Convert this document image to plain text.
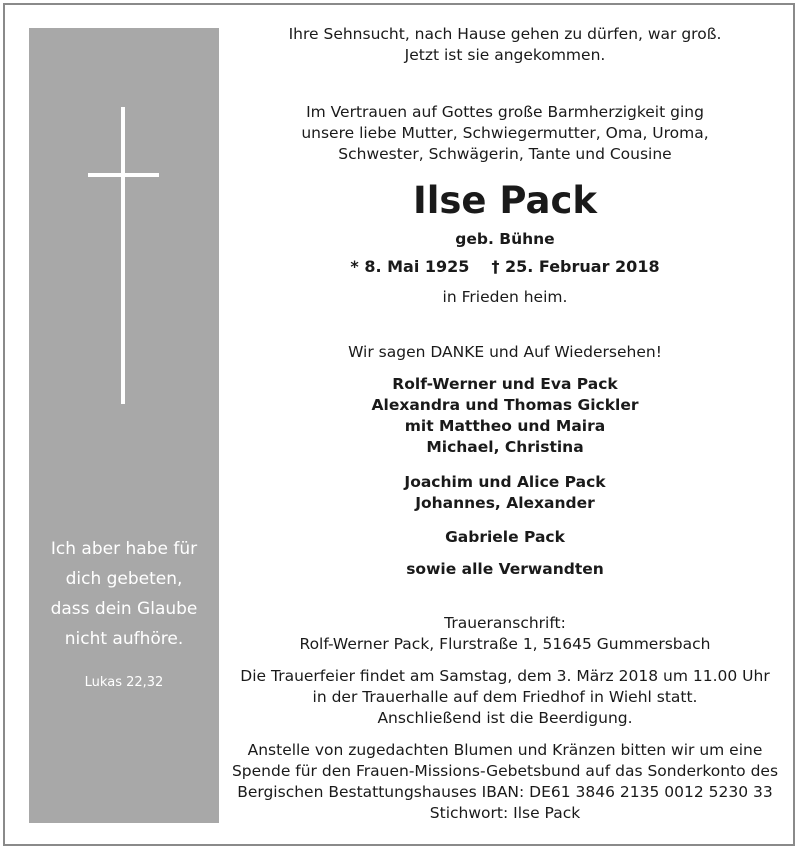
Ich aber habe für
dich gebeten,
dass dein Glaube
nicht aufhöre.
Lukas 22,32
Ihre Sehnsucht, nach Hause gehen zu dürfen, war groß.
Jetzt ist sie angekommen.
Im Vertrauen auf Gottes große Barmherzigkeit ging
unsere liebe Mutter, Schwiegermutter, Oma, Uroma,
Schwester, Schwägerin, Tante und Cousine
Ilse Pack
geb. Bühne
* 8. Mai 1925 † 25. Februar 2018
in Frieden heim.
Wir sagen DANKE und Auf Wiedersehen!
Rolf-Werner und Eva Pack
Alexandra und Thomas Gickler
mit Mattheo und Maira
Michael, Christina
Joachim und Alice Pack
Johannes, Alexander
Gabriele Pack
sowie alle Verwandten
Traueranschrift:
Rolf-Werner Pack, Flurstraße 1, 51645 Gummersbach
Die Trauerfeier findet am Samstag, dem 3. März 2018 um 11.00 Uhr
in der Trauerhalle auf dem Friedhof in Wiehl statt.
Anschließend ist die Beerdigung.
Anstelle von zugedachten Blumen und Kränzen bitten wir um eine
Spende für den Frauen-Missions-Gebetsbund auf das Sonderkonto des
Bergischen Bestattungshauses IBAN: DE61 3846 2135 0012 5230 33
Stichwort: Ilse Pack
